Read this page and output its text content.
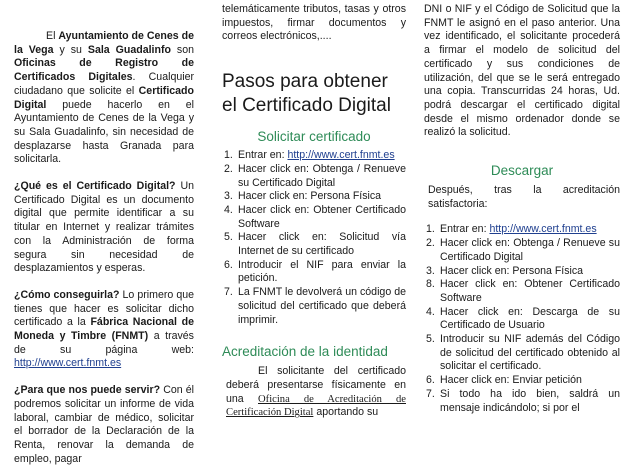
El Ayuntamiento de Cenes de la Vega y su Sala Guadalinfo son Oficinas de Registro de Certificados Digitales. Cualquier ciudadano que solicite el Certificado Digital puede hacerlo en el Ayuntamiento de Cenes de la Vega y su Sala Guadalinfo, sin necesidad de desplazarse hasta Granada para solicitarla.

¿Qué es el Certificado Digital? Un Certificado Digital es un documento digital que permite identificar a su titular en Internet y realizar trámites con la Administración de forma segura sin necesidad de desplazamientos y esperas.

¿Cómo conseguirla? Lo primero que tienes que hacer es solicitar dicho certificado a la Fábrica Nacional de Moneda y Timbre (FNMT) a través de su página web: http://www.cert.fnmt.es

¿Para que nos puede servir? Con él podremos solicitar un informe de vida laboral, cambiar de médico, solicitar el borrador de la Declaración de la Renta, renovar la demanda de empleo, pagar

telemáticamente tributos, tasas y otros impuestos, firmar documentos y correos electrónicos,....

Pasos para obtener el Certificado Digital
Solicitar certificado
1. Entrar en: http://www.cert.fnmt.es
2. Hacer click en: Obtenga / Renueve su Certificado Digital
3. Hacer click en: Persona Física
4. Hacer click en: Obtener Certificado Software
5. Hacer click en: Solicitud vía Internet de su certificado
6. Introducir el NIF para enviar la petición.
7. La FNMT le devolverá un código de solicitud del certificado que deberá imprimir.
Acreditación de la identidad

El solicitante del certificado deberá presentarse físicamente en una Oficina de Acreditación de Certificación Digital aportando su

DNI o NIF y el Código de Solicitud que la FNMT le asignó en el paso anterior. Una vez identificado, el solicitante procederá a firmar el modelo de solicitud del certificado y sus condiciones de utilización, del que se le será entregado una copia. Transcurridas 24 horas, Ud. podrá descargar el certificado digital desde el mismo ordenador donde se realizó la solicitud.

Descargar

Después, tras la acreditación satisfactoria:

1. Entrar en: http://www.cert.fnmt.es
2. Hacer click en: Obtenga / Renueve su Certificado Digital
3. Hacer click en: Persona Física
8. Hacer click en: Obtener Certificado Software
4. Hacer click en: Descarga de su Certificado de Usuario
5. Introducir su NIF además del Código de solicitud del certificado obtenido al solicitar el certificado.
6. Hacer click en: Enviar petición
7. Si todo ha ido bien, saldrá un mensaje indicándolo; si por el
